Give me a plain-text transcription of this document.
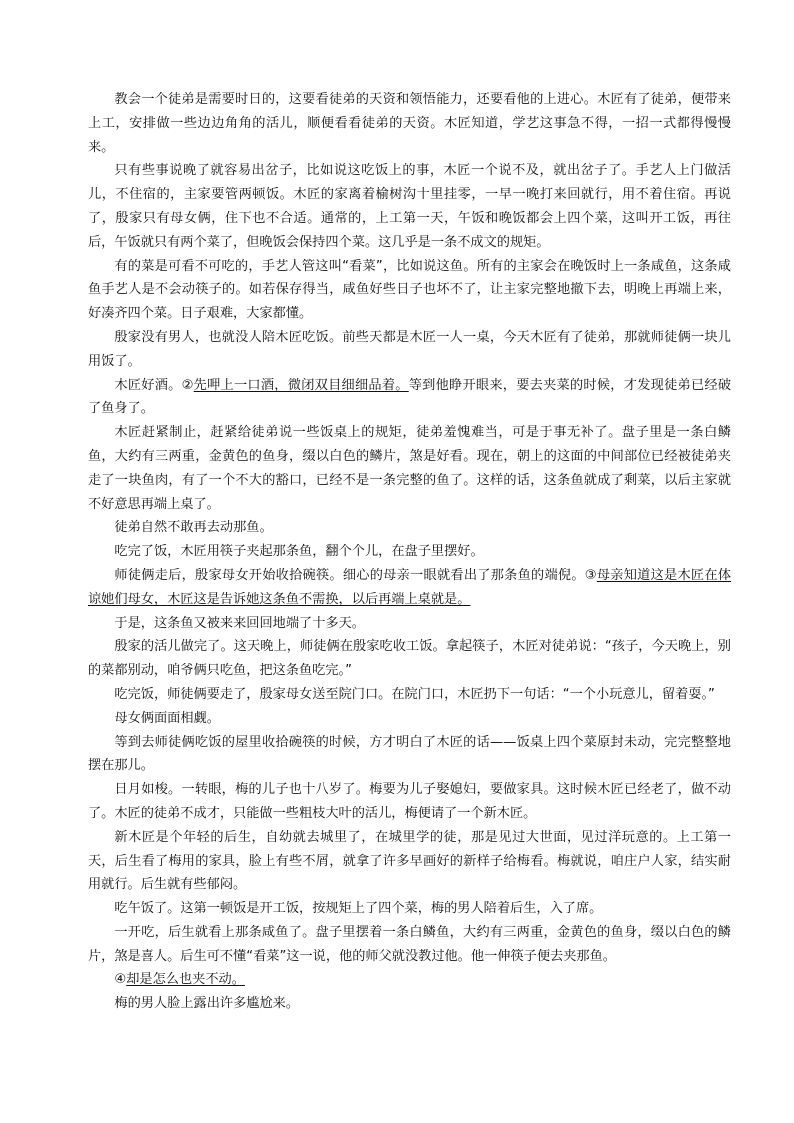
教会一个徒弟是需要时日的，这要看徒弟的天资和领悟能力，还要看他的上进心。木匠有了徒弟，便带来上工，安排做一些边边角角的活儿，顺便看看徒弟的天资。木匠知道，学艺这事急不得，一招一式都得慢慢来。

只有些事说晚了就容易出岔子，比如说这吃饭上的事，木匠一个说不及，就出岔子了。手艺人上门做活儿，不住宿的，主家要管两顿饭。木匠的家离着榆树沟十里挂零，一早一晚打来回就行，用不着住宿。再说了，殷家只有母女俩，住下也不合适。通常的，上工第一天，午饭和晚饭都会上四个菜，这叫开工饭，再往后，午饭就只有两个菜了，但晚饭会保持四个菜。这几乎是一条不成文的规矩。

有的菜是可看不可吃的，手艺人管这叫“看菜”，比如说这鱼。所有的主家会在晚饭时上一条咸鱼，这条咸鱼手艺人是不会动筷子的。如若保存得当，咸鱼好些日子也坏不了，让主家完整地撤下去，明晚上再端上来，好凑齐四个菜。日子艰难，大家都懂。

殷家没有男人，也就没人陪木匠吃饭。前些天都是木匠一人一桌，今天木匠有了徒弟，那就师徒俩一块儿用饭了。

木匠好酒。②先呷上一口酒，微闭双目细细品着。等到他睁开眼来，要去夹菜的时候，才发现徒弟已经破了鱼身了。

木匠赶紧制止，赶紧给徒弟说一些饭桌上的规矩，徒弟羞愧难当，可是于事无补了。盘子里是一条白鳞鱼，大约有三两重，金黄色的鱼身，缀以白色的鳞片，煞是好看。现在，朝上的这面的中间部位已经被徒弟夹走了一块鱼肉，有了一个不大的豁口，已经不是一条完整的鱼了。这样的话，这条鱼就成了剩菜，以后主家就不好意思再端上桌了。

徒弟自然不敢再去动那鱼。

吃完了饭，木匠用筷子夹起那条鱼，翻个个儿，在盘子里摆好。

师徒俩走后，殷家母女开始收拾碗筷。细心的母亲一眼就看出了那条鱼的端倪。③母亲知道这是木匠在体谅她们母女，木匠这是告诉她这条鱼不需换，以后再端上桌就是。

于是，这条鱼又被来来回回地端了十多天。

殷家的活儿做完了。这天晚上，师徒俩在殷家吃收工饭。拿起筷子，木匠对徒弟说：“孩子，今天晚上，别的菜都别动，咱爷俩只吃鱼，把这条鱼吃完。”

吃完饭，师徒俩要走了，殷家母女送至院门口。在院门口，木匠扔下一句话：“一个小玩意儿，留着耍。”

母女俩面面相觑。

等到去师徒俩吃饭的屋里收拾碗筷的时候，方才明白了木匠的话——饭桌上四个菜原封未动，完完整整地摆在那儿。

日月如梭。一转眼，梅的儿子也十八岁了。梅要为儿子娶媳妇，要做家具。这时候木匠已经老了，做不动了。木匠的徒弟不成才，只能做一些粗枝大叶的活儿，梅便请了一个新木匠。

新木匠是个年轻的后生，自幼就去城里了，在城里学的徒，那是见过大世面，见过洋玩意的。上工第一天，后生看了梅用的家具，脸上有些不屑，就拿了许多早画好的新样子给梅看。梅就说，咱庄户人家，结实耐用就行。后生就有些郁闷。

吃午饭了。这第一顿饭是开工饭，按规矩上了四个菜，梅的男人陪着后生，入了席。

一开吃，后生就看上那条咸鱼了。盘子里摆着一条白鳞鱼，大约有三两重，金黄色的鱼身，缀以白色的鳞片，煞是喜人。后生可不懂“看菜”这一说，他的师父就没教过他。他一伸筷子便去夹那鱼。

④却是怎么也夹不动。

梅的男人脸上露出许多尴尬来。
